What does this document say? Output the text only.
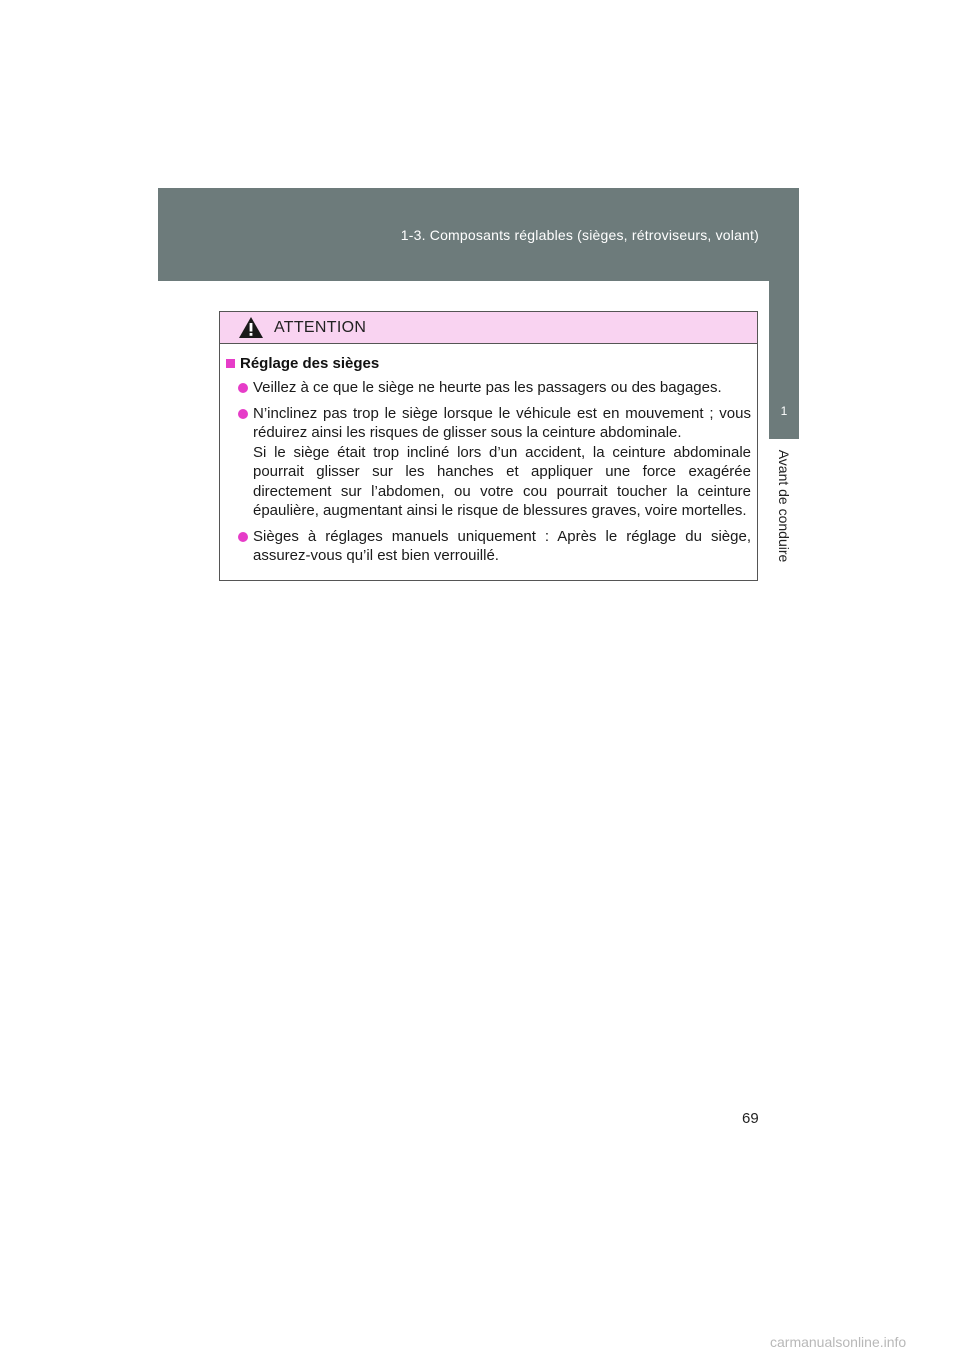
1-3. Composants réglables (sièges, rétroviseurs, volant)
1
Avant de conduire
ATTENTION
Réglage des sièges
Veillez à ce que le siège ne heurte pas les passagers ou des bagages.
N’inclinez pas trop le siège lorsque le véhicule est en mouvement ; vous réduirez ainsi les risques de glisser sous la ceinture abdominale.
Si le siège était trop incliné lors d’un accident, la ceinture abdominale pourrait glisser sur les hanches et appliquer une force exagérée directement sur l’abdomen, ou votre cou pourrait toucher la ceinture épaulière, augmentant ainsi le risque de blessures graves, voire mortelles.
Sièges à réglages manuels uniquement : Après le réglage du siège, assurez-vous qu’il est bien verrouillé.
69
carmanualsonline.info
